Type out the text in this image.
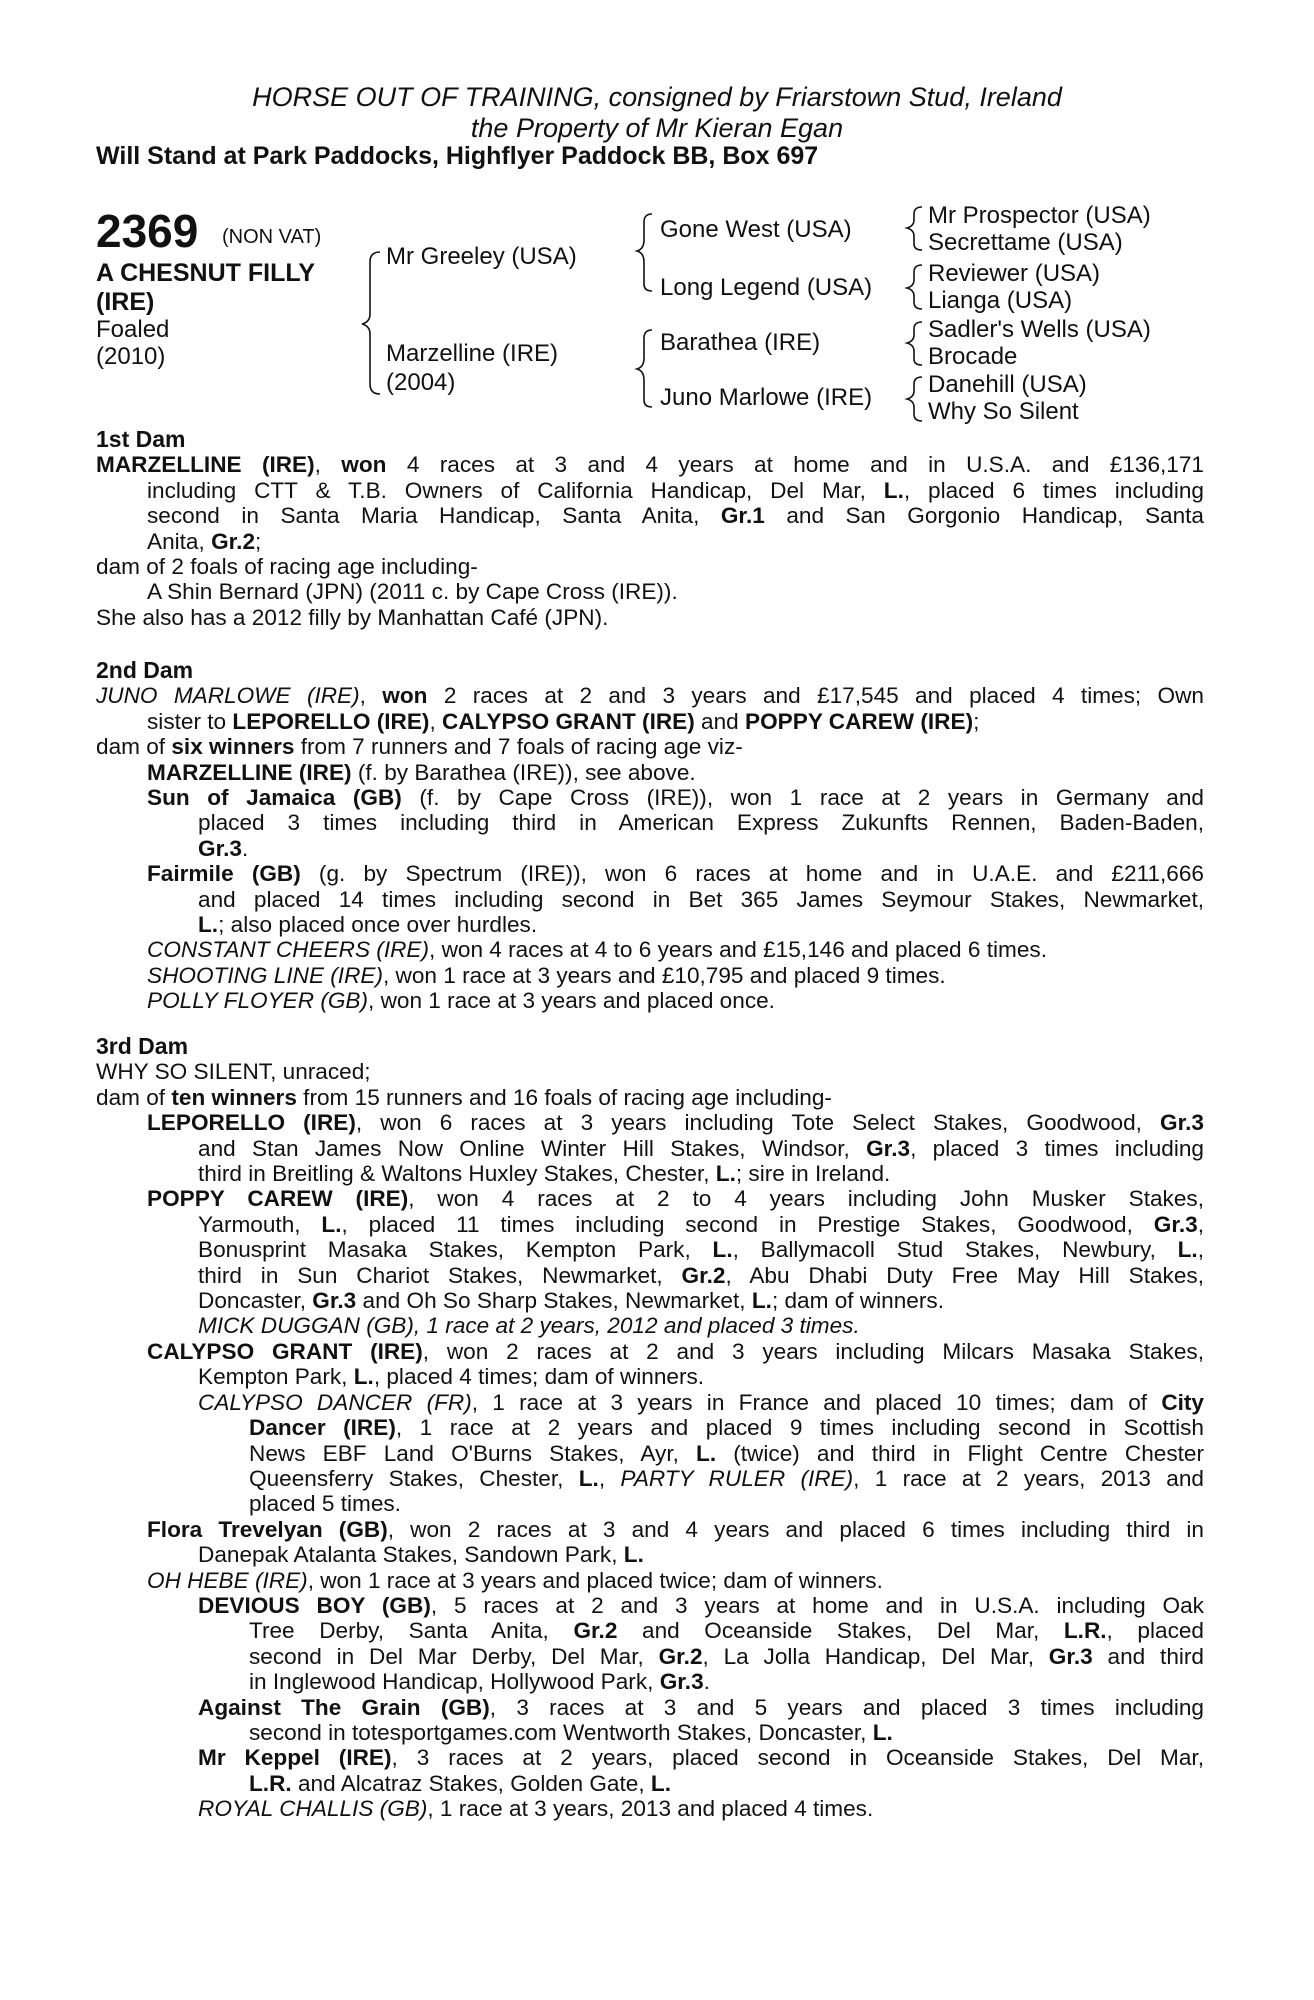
HORSE OUT OF TRAINING, consigned by Friarstown Stud, Ireland
the Property of Mr Kieran Egan
Will Stand at Park Paddocks, Highflyer Paddock BB, Box 697
2369 (NON VAT)
A CHESNUT FILLY
(IRE)
Foaled
(2010)
Mr Greeley (USA)
Marzelline (IRE)
(2004)
Gone West (USA)
Long Legend (USA)
Barathea (IRE)
Juno Marlowe (IRE)
Mr Prospector (USA)
Secrettame (USA)
Reviewer (USA)
Lianga (USA)
Sadler's Wells (USA)
Brocade
Danehill (USA)
Why So Silent
1st Dam
MARZELLINE (IRE), won 4 races at 3 and 4 years at home and in U.S.A. and £136,171
including CTT & T.B. Owners of California Handicap, Del Mar, L., placed 6 times including
second in Santa Maria Handicap, Santa Anita, Gr.1 and San Gorgonio Handicap, Santa
Anita, Gr.2;
dam of 2 foals of racing age including-
A Shin Bernard (JPN) (2011 c. by Cape Cross (IRE)).
She also has a 2012 filly by Manhattan Café (JPN).
2nd Dam
JUNO MARLOWE (IRE), won 2 races at 2 and 3 years and £17,545 and placed 4 times; Own
sister to LEPORELLO (IRE), CALYPSO GRANT (IRE) and POPPY CAREW (IRE);
dam of six winners from 7 runners and 7 foals of racing age viz-
MARZELLINE (IRE) (f. by Barathea (IRE)), see above.
Sun of Jamaica (GB) (f. by Cape Cross (IRE)), won 1 race at 2 years in Germany and
placed 3 times including third in American Express Zukunfts Rennen, Baden-Baden,
Gr.3.
Fairmile (GB) (g. by Spectrum (IRE)), won 6 races at home and in U.A.E. and £211,666
and placed 14 times including second in Bet 365 James Seymour Stakes, Newmarket,
L.; also placed once over hurdles.
CONSTANT CHEERS (IRE), won 4 races at 4 to 6 years and £15,146 and placed 6 times.
SHOOTING LINE (IRE), won 1 race at 3 years and £10,795 and placed 9 times.
POLLY FLOYER (GB), won 1 race at 3 years and placed once.
3rd Dam
WHY SO SILENT, unraced;
dam of ten winners from 15 runners and 16 foals of racing age including-
LEPORELLO (IRE), won 6 races at 3 years including Tote Select Stakes, Goodwood, Gr.3
and Stan James Now Online Winter Hill Stakes, Windsor, Gr.3, placed 3 times including
third in Breitling & Waltons Huxley Stakes, Chester, L.; sire in Ireland.
POPPY CAREW (IRE), won 4 races at 2 to 4 years including John Musker Stakes,
Yarmouth, L., placed 11 times including second in Prestige Stakes, Goodwood, Gr.3,
Bonusprint Masaka Stakes, Kempton Park, L., Ballymacoll Stud Stakes, Newbury, L.,
third in Sun Chariot Stakes, Newmarket, Gr.2, Abu Dhabi Duty Free May Hill Stakes,
Doncaster, Gr.3 and Oh So Sharp Stakes, Newmarket, L.; dam of winners.
MICK DUGGAN (GB), 1 race at 2 years, 2012 and placed 3 times.
CALYPSO GRANT (IRE), won 2 races at 2 and 3 years including Milcars Masaka Stakes,
Kempton Park, L., placed 4 times; dam of winners.
CALYPSO DANCER (FR), 1 race at 3 years in France and placed 10 times; dam of City
Dancer (IRE), 1 race at 2 years and placed 9 times including second in Scottish
News EBF Land O'Burns Stakes, Ayr, L. (twice) and third in Flight Centre Chester
Queensferry Stakes, Chester, L., PARTY RULER (IRE), 1 race at 2 years, 2013 and
placed 5 times.
Flora Trevelyan (GB), won 2 races at 3 and 4 years and placed 6 times including third in
Danepak Atalanta Stakes, Sandown Park, L.
OH HEBE (IRE), won 1 race at 3 years and placed twice; dam of winners.
DEVIOUS BOY (GB), 5 races at 2 and 3 years at home and in U.S.A. including Oak
Tree Derby, Santa Anita, Gr.2 and Oceanside Stakes, Del Mar, L.R., placed
second in Del Mar Derby, Del Mar, Gr.2, La Jolla Handicap, Del Mar, Gr.3 and third
in Inglewood Handicap, Hollywood Park, Gr.3.
Against The Grain (GB), 3 races at 3 and 5 years and placed 3 times including
second in totesportgames.com Wentworth Stakes, Doncaster, L.
Mr Keppel (IRE), 3 races at 2 years, placed second in Oceanside Stakes, Del Mar,
L.R. and Alcatraz Stakes, Golden Gate, L.
ROYAL CHALLIS (GB), 1 race at 3 years, 2013 and placed 4 times.
